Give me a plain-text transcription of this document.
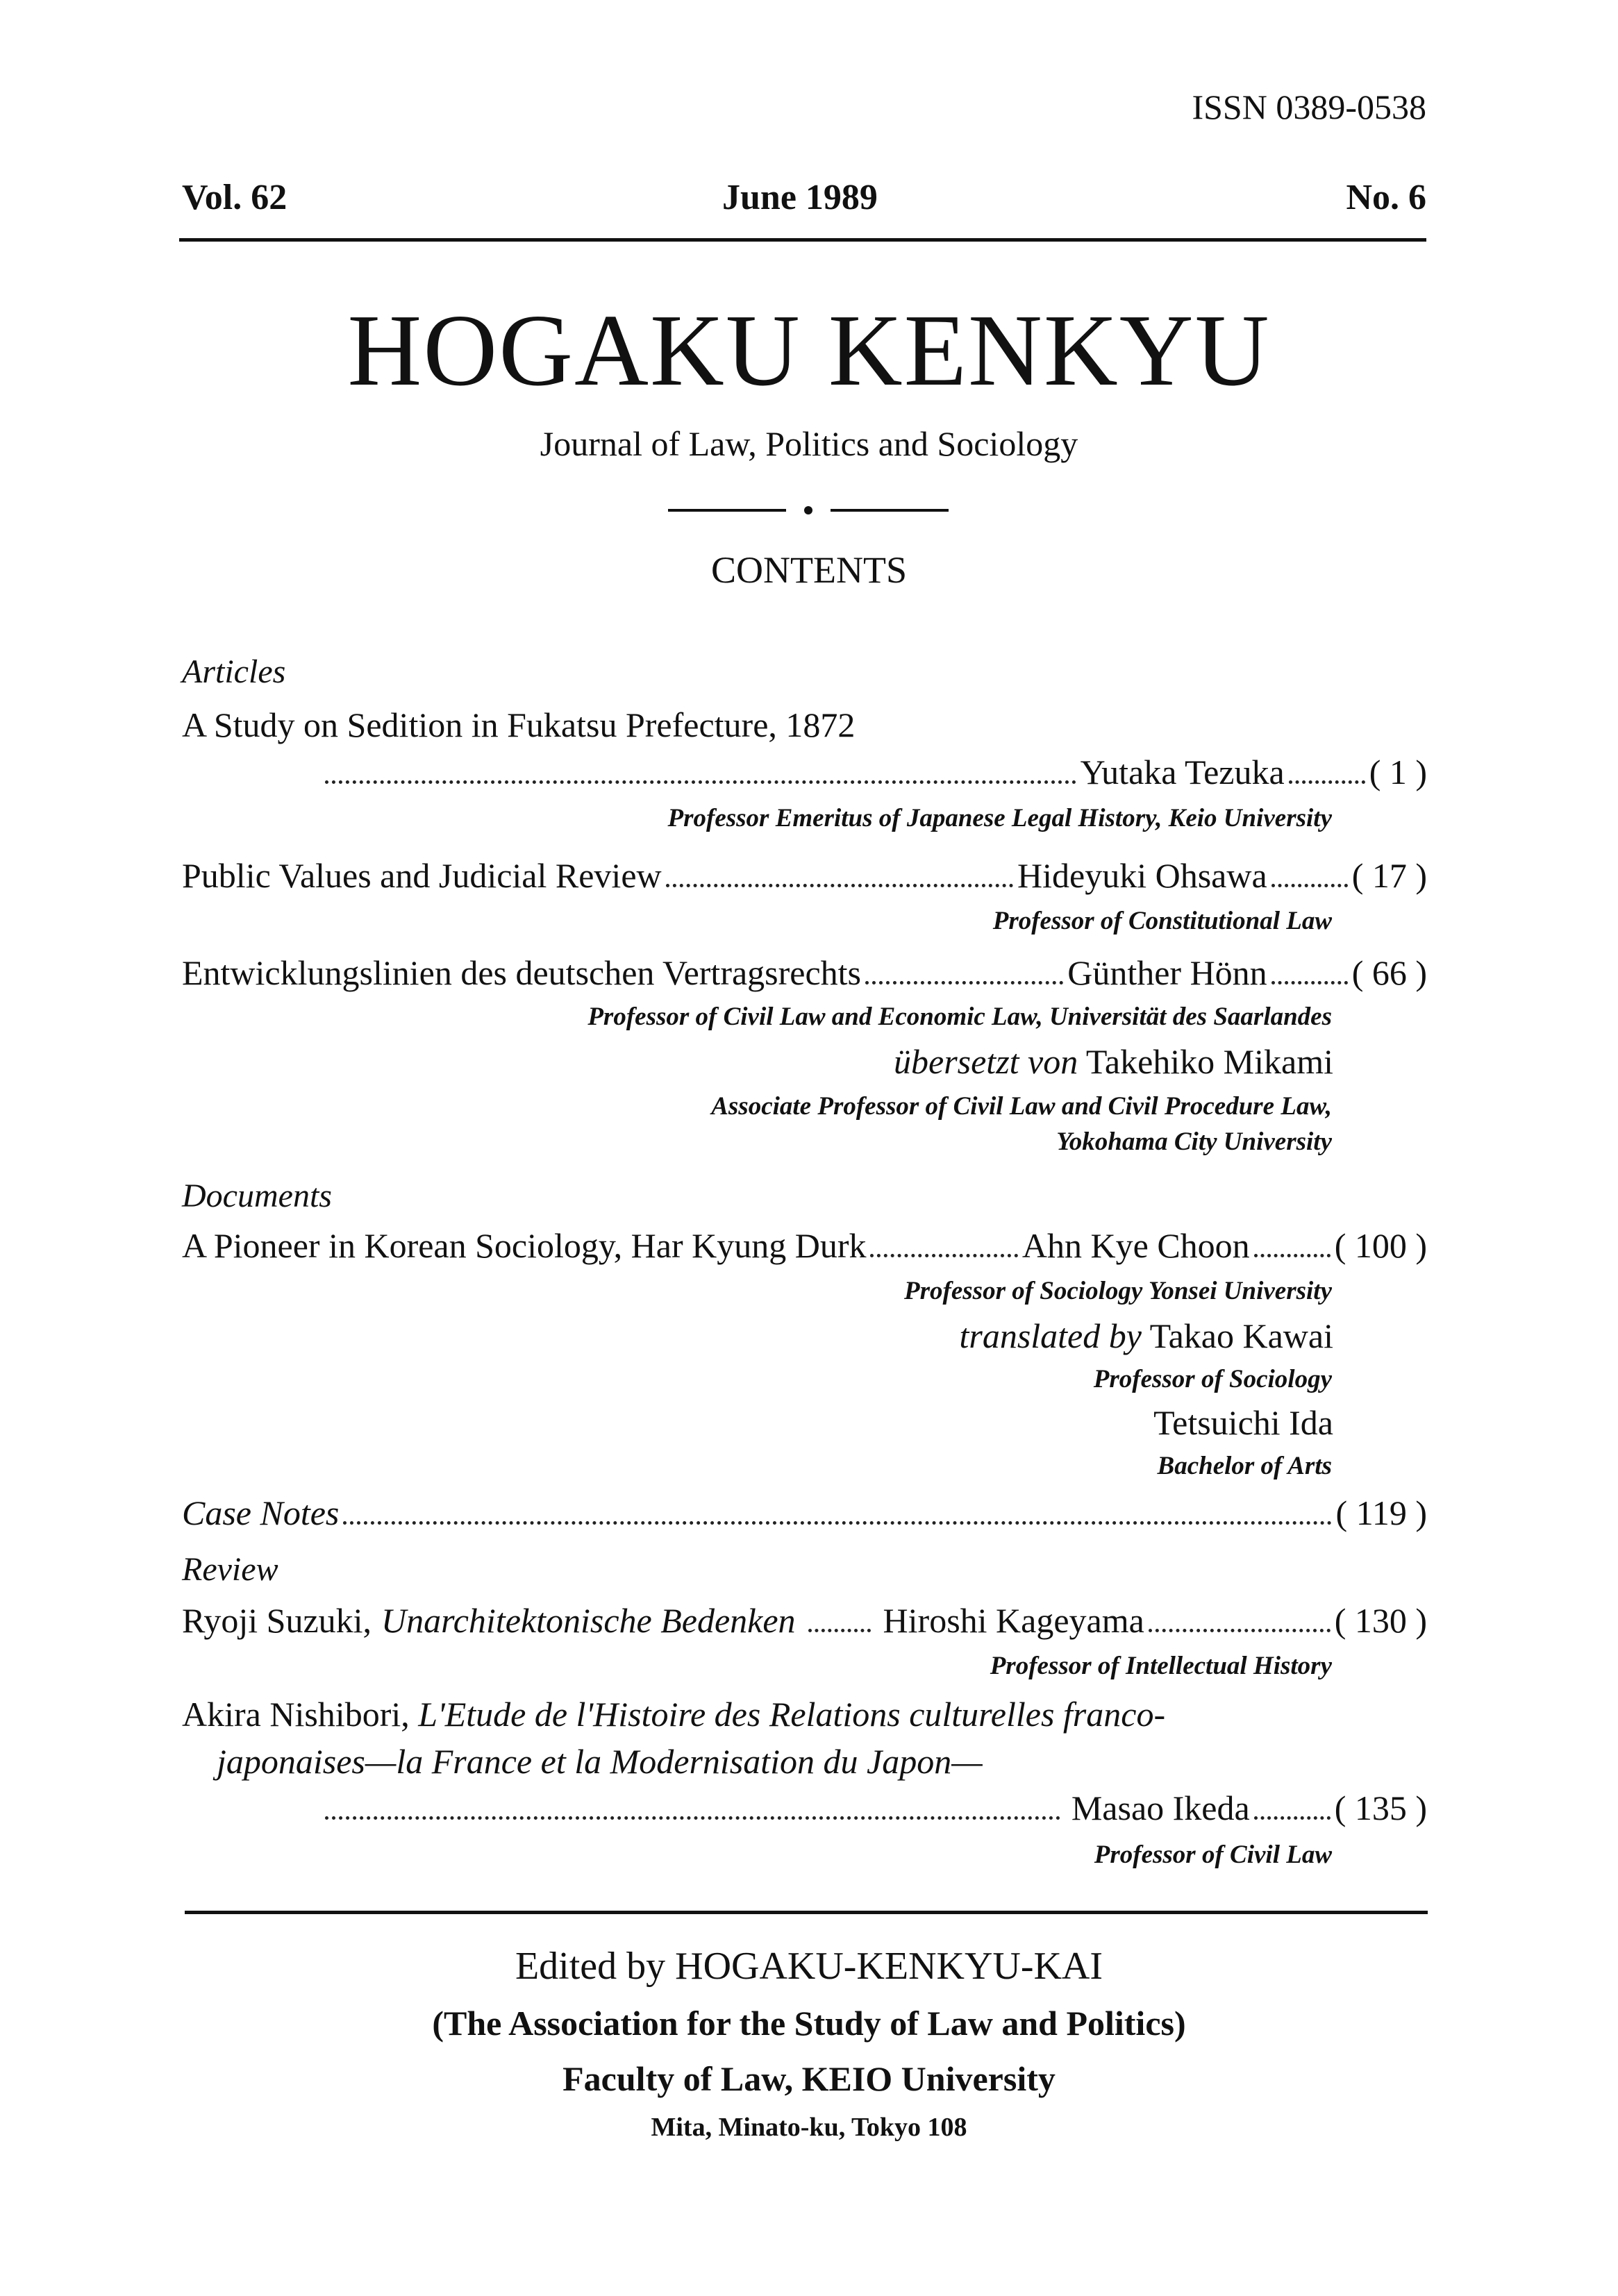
ISSN 0389-0538
Vol. 62	June 1989	No. 6
HOGAKU KENKYU
Journal of Law, Politics and Sociology
CONTENTS
Articles
A Study on Sedition in Fukatsu Prefecture, 1872
Yutaka Tezuka ( 1 )
Professor Emeritus of Japanese Legal History, Keio University
Public Values and Judicial Review	Hideyuki Ohsawa ( 17 )
Professor of Constitutional Law
Entwicklungslinien des deutschen Vertragsrechts	Günther Hönn ( 66 )
Professor of Civil Law and Economic Law, Universität des Saarlandes
übersetzt von Takehiko Mikami
Associate Professor of Civil Law and Civil Procedure Law,
Yokohama City University
Documents
A Pioneer in Korean Sociology, Har Kyung Durk	Ahn Kye Choon ( 100 )
Professor of Sociology Yonsei University
translated by Takao Kawai
Professor of Sociology
Tetsuichi Ida
Bachelor of Arts
Case Notes	( 119 )
Review
Ryoji Suzuki, Unarchitektonische Bedenken	Hiroshi Kageyama	( 130 )
Professor of Intellectual History
Akira Nishibori, L'Etude de l'Histoire des Relations culturelles franco-
japonaises—la France et la Modernisation du Japon—
Masao Ikeda ( 135 )
Professor of Civil Law
Edited by HOGAKU-KENKYU-KAI
(The Association for the Study of Law and Politics)
Faculty of Law, KEIO University
Mita, Minato-ku, Tokyo 108
